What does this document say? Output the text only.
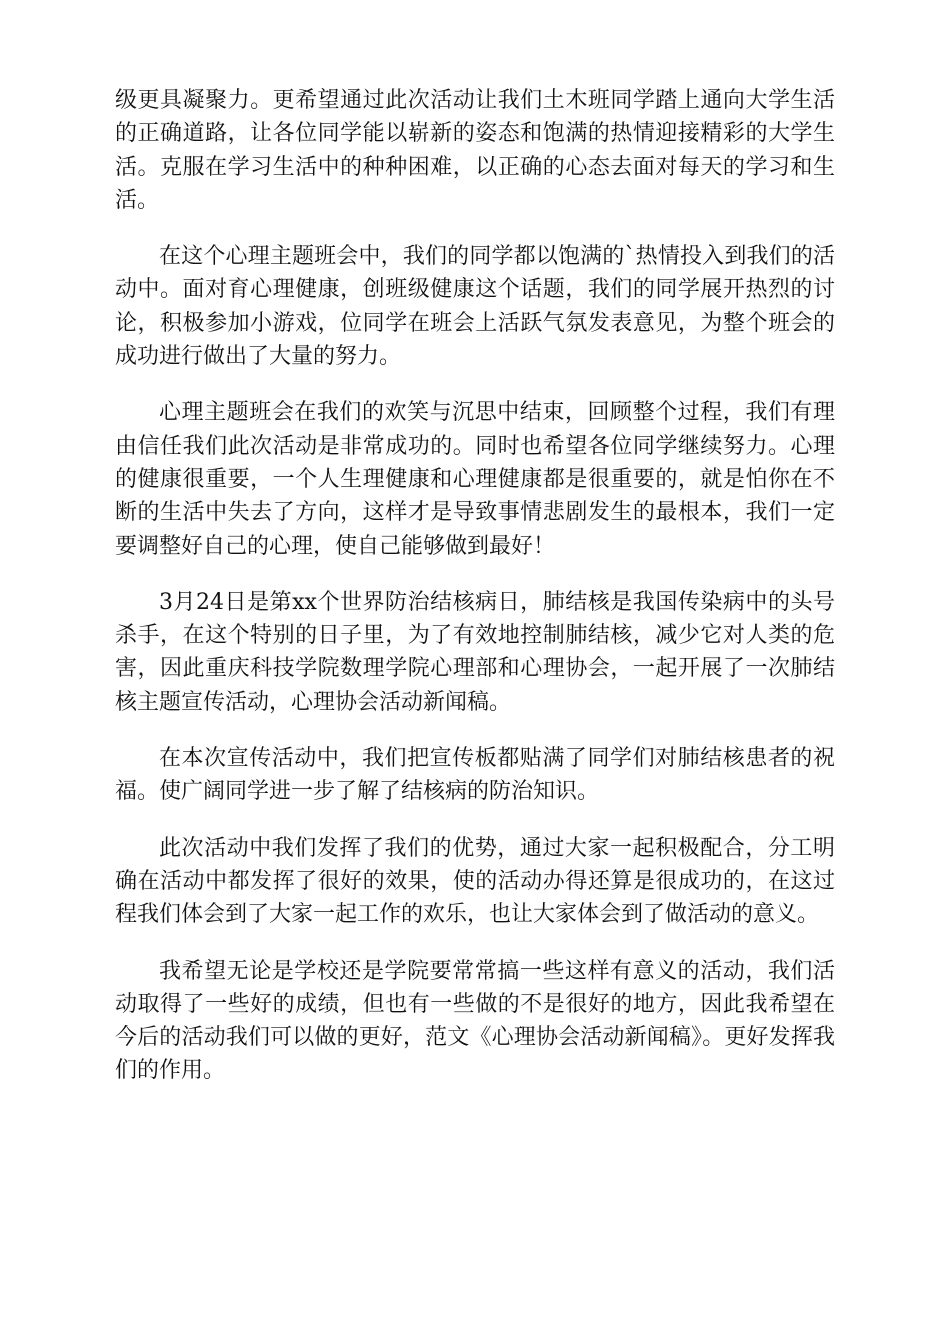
级更具凝聚力。更希望通过此次活动让我们土木班同学踏上通向大学生活的正确道路，让各位同学能以崭新的姿态和饱满的热情迎接精彩的大学生活。克服在学习生活中的种种困难，以正确的心态去面对每天的学习和生活。

在这个心理主题班会中，我们的同学都以饱满的`热情投入到我们的活动中。面对育心理健康，创班级健康这个话题，我们的同学展开热烈的讨论，积极参加小游戏，位同学在班会上活跃气氛发表意见，为整个班会的成功进行做出了大量的努力。

心理主题班会在我们的欢笑与沉思中结束，回顾整个过程，我们有理由信任我们此次活动是非常成功的。同时也希望各位同学继续努力。心理的健康很重要，一个人生理健康和心理健康都是很重要的，就是怕你在不断的生活中失去了方向，这样才是导致事情悲剧发生的最根本，我们一定要调整好自己的心理，使自己能够做到最好！

3月24日是第xx个世界防治结核病日，肺结核是我国传染病中的头号杀手，在这个特别的日子里，为了有效地控制肺结核，减少它对人类的危害，因此重庆科技学院数理学院心理部和心理协会，一起开展了一次肺结核主题宣传活动，心理协会活动新闻稿。

在本次宣传活动中，我们把宣传板都贴满了同学们对肺结核患者的祝福。使广阔同学进一步了解了结核病的防治知识。

此次活动中我们发挥了我们的优势，通过大家一起积极配合，分工明确在活动中都发挥了很好的效果，使的活动办得还算是很成功的，在这过程我们体会到了大家一起工作的欢乐，也让大家体会到了做活动的意义。

我希望无论是学校还是学院要常常搞一些这样有意义的活动，我们活动取得了一些好的成绩，但也有一些做的不是很好的地方，因此我希望在今后的活动我们可以做的更好，范文《心理协会活动新闻稿》。更好发挥我们的作用。
